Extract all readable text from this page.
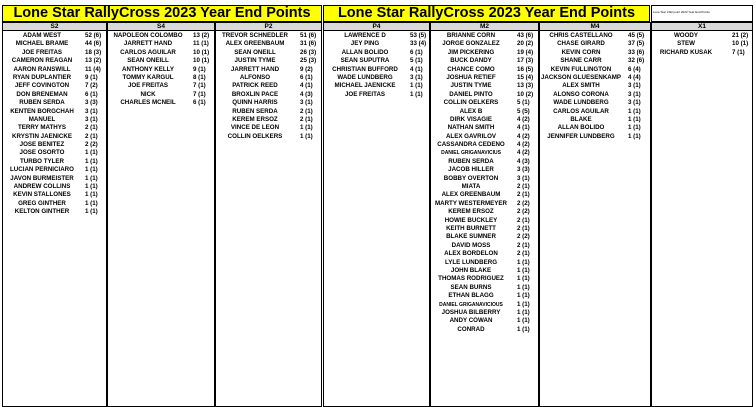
Lone Star RallyCross 2023 Year End Points	Lone Star RallyCross 2023 Year End Points	Lone Star LSR point 2023 Year End Points
S2
ADAM WEST	52 (6)
MICHAEL BRAME	44 (6)
JOE FREITAS	18 (3)
CAMERON REAGAN	13 (2)
AARON RANSWILL	11 (4)
RYAN DUPLANTIER	9 (1)
JEFF COVINGTON	7 (2)
DON BRENEMAN	6 (1)
RUBEN SERDA	3 (3)
KENTEN BORGCHAH	3 (1)
MANUEL	3 (1)
TERRY MATHYS	2 (1)
KRYSTIN JAENICKE	2 (1)
JOSE BENITEZ	2 (2)
JOSE OSORTO	1 (1)
TURBO TYLER	1 (1)
LUCIAN PERNICIARO	1 (1)
JAVON BURMEISTER	1 (1)
ANDREW COLLINS	1 (1)
KEVIN STALLONES	1 (1)
GREG GINTHER	1 (1)
KELTON GINTHER	1 (1)
S4
NAPOLEON COLOMBO	13 (2)
JARRETT HAND	11 (1)
CARLOS AGUILAR	10 (1)
SEAN ONEILL	10 (1)
ANTHONY KELLY	9 (1)
TOMMY KARGUL	8 (1)
JOE FREITAS	7 (1)
NICK	7 (1)
CHARLES MCNEIL	6 (1)
P2
TREVOR SCHNEDLER	51 (6)
ALEX GREENBAUM	31 (6)
SEAN ONEILL	26 (3)
JUSTIN TYME	25 (3)
JARRETT HAND	9 (2)
ALFONSO	6 (1)
PATRICK REED	4 (1)
BROXLIN PACE	4 (3)
QUINN HARRIS	3 (1)
RUBEN SERDA	2 (1)
KEREM ERSOZ	2 (1)
VINCE DE LEON	1 (1)
COLLIN OELKERS	1 (1)
P4
LAWRENCE D	53 (5)
JEY PING	33 (4)
ALLAN BOLIDO	6 (1)
SEAN SUPUTRA	5 (1)
CHRISTIAN BUFFORD	4 (1)
WADE LUNDBERG	3 (1)
MICHAEL JAENICKE	1 (1)
JOE FREITAS	1 (1)
M2
BRIANNE CORN	43 (6)
JORGE GONZALEZ	20 (2)
JIM PICKERING	19 (4)
BUCK DANDY	17 (3)
CHANCE COMO	16 (5)
JOSHUA RETIEF	15 (4)
JUSTIN TYME	13 (3)
DANIEL PINTO	10 (2)
COLLIN OELKERS	5 (1)
ALEX B	5 (5)
DIRK VISAGIE	4 (2)
NATHAN SMITH	4 (1)
ALEX GAVRILOV	4 (2)
CASSANDRA CEDENO	4 (2)
DANIEL GRIGANAVICIUS	4 (2)
RUBEN SERDA	4 (3)
JACOB HILLER	3 (3)
BOBBY OVERTON	3 (1)
MIATA	2 (1)
ALEX GREENBAUM	2 (1)
MARTY WESTERMEYER	2 (2)
KEREM ERSOZ	2 (2)
HOWIE BUCKLEY	2 (1)
KEITH BURNETT	2 (1)
BLAKE SUMNER	2 (2)
DAVID MOSS	2 (1)
ALEX BORDELON	2 (1)
LYLE LUNDBERG	1 (1)
JOHN BLAKE	1 (1)
THOMAS RODRIGUEZ	1 (1)
SEAN BURNS	1 (1)
ETHAN BLAGG	1 (1)
DANIEL GRIGANAVICIOUS	1 (1)
JOSHUA BILBERRY	1 (1)
ANDY COWAN	1 (1)
CONRAD	1 (1)
M4
CHRIS CASTELLANO	45 (5)
CHASE GIRARD	37 (5)
KEVIN CORN	33 (6)
SHANE CARR	32 (6)
KEVIN FULLINGTON	6 (4)
JACKSON GLUESENKAMP 4 (4)
ALEX SMITH	3 (1)
ALONSO CORONA	3 (1)
WADE LUNDBERG	3 (1)
CARLOS AGUILAR	1 (1)
BLAKE	1 (1)
ALLAN BOLIDO	1 (1)
JENNIFER LUNDBERG	1 (1)
X1
WOODY	21 (2)
STEW	10 (1)
RICHARD KUSAK	7 (1)
